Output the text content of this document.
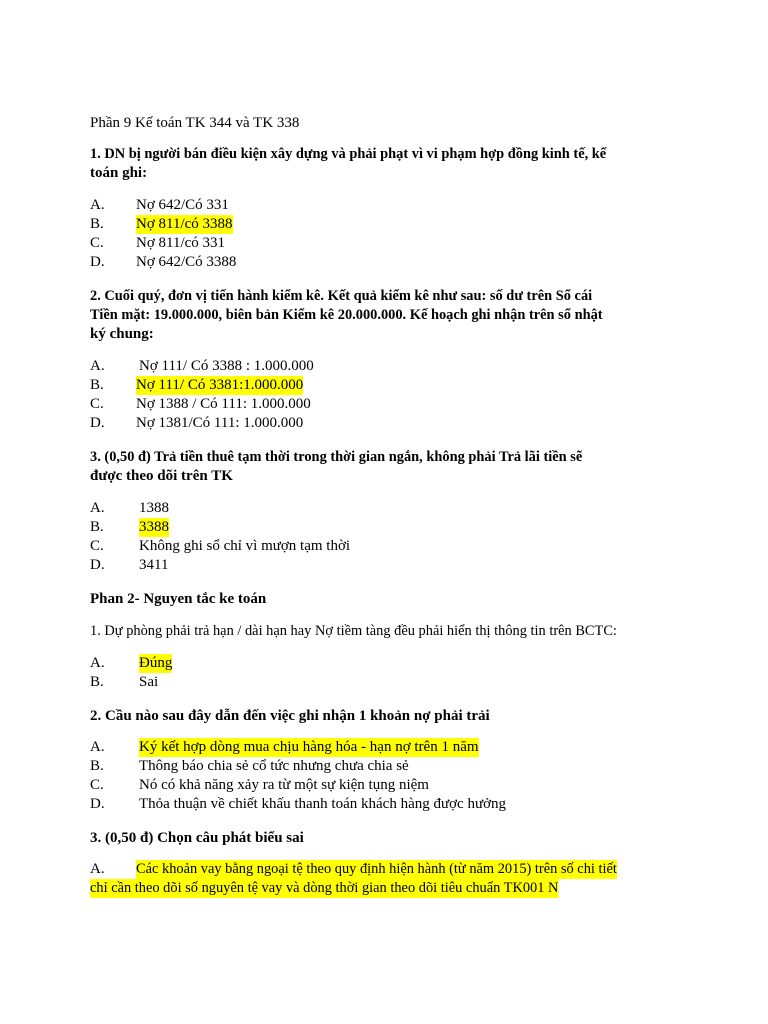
Phần 9 Kế toán TK 344 và TK 338
1. DN bị người bán điều kiện xây dựng và phải phạt vì vi phạm hợp đồng kinh tế, kế
toán ghi:
A. Nợ 642/Có 331
B. Nợ 811/có 3388
C. Nợ 811/có 331
D. Nợ 642/Có 3388
2. Cuối quý, đơn vị tiến hành kiểm kê. Kết quả kiểm kê như sau: số dư trên Sổ cái
Tiền mặt: 19.000.000, biên bản Kiểm kê 20.000.000. Kế hoạch ghi nhận trên sổ nhật
ký chung:
A. Nợ 111/ Có 3388 : 1.000.000
B. Nợ 111/ Có 3381:1.000.000
C. Nợ 1388 / Có 111: 1.000.000
D. Nợ 1381/Có 111: 1.000.000
3. (0,50 đ) Trả tiền thuê tạm thời trong thời gian ngắn, không phải Trả lãi tiền sẽ
được theo dõi trên TK
A. 1388
B. 3388
C. Không ghi sổ chỉ vì mượn tạm thời
D. 3411
Phan 2- Nguyen tắc ke toán
1. Dự phòng phải trả hạn / dài hạn hay Nợ tiềm tàng đều phải hiển thị thông tin trên BCTC:
A. Đúng
B. Sai
2. Cầu nào sau đây dẫn đến việc ghi nhận 1 khoản nợ phải trải
A. Ký kết hợp dòng mua chịu hàng hóa - hạn nợ trên 1 năm
B. Thông báo chia sẻ cổ tức nhưng chưa chia sẻ
C. Nó có khả năng xảy ra từ một sự kiện tụng niệm
D. Thỏa thuận về chiết khấu thanh toán khách hàng được hưởng
3. (0,50 đ) Chọn câu phát biểu sai
A. Các khoản vay bằng ngoại tệ theo quy định hiện hành (từ năm 2015) trên số chi tiết
chỉ cần theo dõi số nguyên tệ vay và dòng thời gian theo dõi tiêu chuẩn TK001 N
